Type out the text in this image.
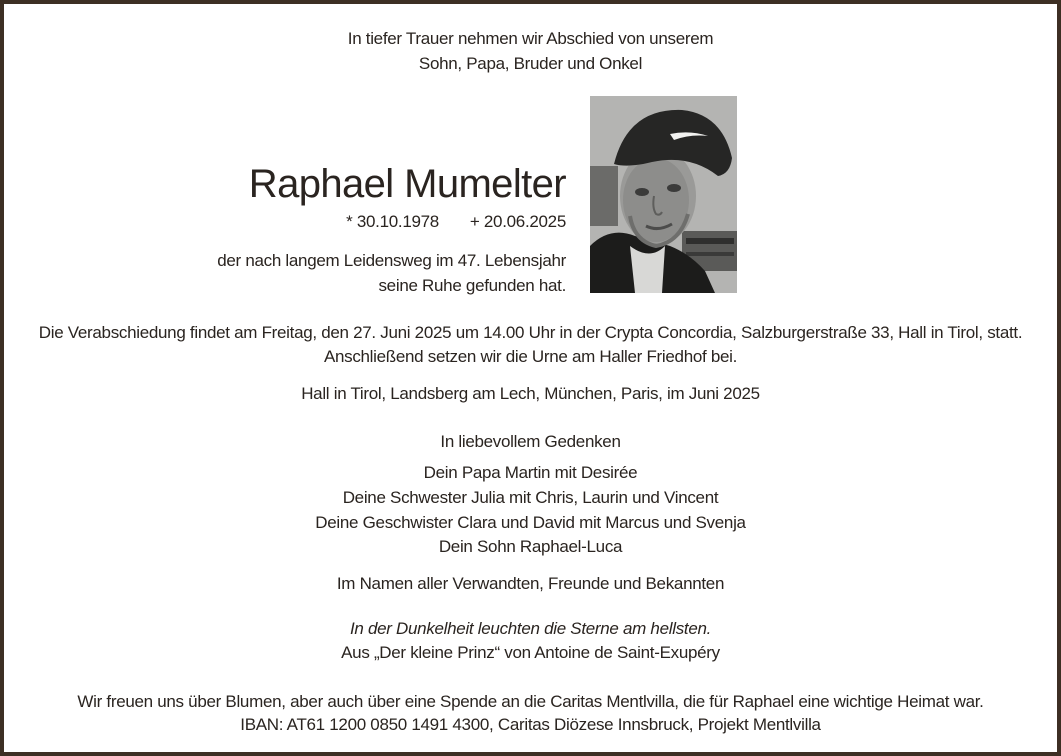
In tiefer Trauer nehmen wir Abschied von unserem
Sohn, Papa, Bruder und Onkel
Raphael Mumelter
* 30.10.1978 + 20.06.2025
der nach langem Leidensweg im 47. Lebensjahr
seine Ruhe gefunden hat.
Die Verabschiedung findet am Freitag, den 27. Juni 2025 um 14.00 Uhr in der Crypta Concordia, Salzburgerstraße 33, Hall in Tirol, statt.
Anschließend setzen wir die Urne am Haller Friedhof bei.
Hall in Tirol, Landsberg am Lech, München, Paris, im Juni 2025
In liebevollem Gedenken
Dein Papa Martin mit Desirée
Deine Schwester Julia mit Chris, Laurin und Vincent
Deine Geschwister Clara und David mit Marcus und Svenja
Dein Sohn Raphael-Luca
Im Namen aller Verwandten, Freunde und Bekannten
In der Dunkelheit leuchten die Sterne am hellsten.
Aus „Der kleine Prinz“ von Antoine de Saint-Exupéry
Wir freuen uns über Blumen, aber auch über eine Spende an die Caritas Mentlvilla, die für Raphael eine wichtige Heimat war.
IBAN: AT61 1200 0850 1491 4300, Caritas Diözese Innsbruck, Projekt Mentlvilla
